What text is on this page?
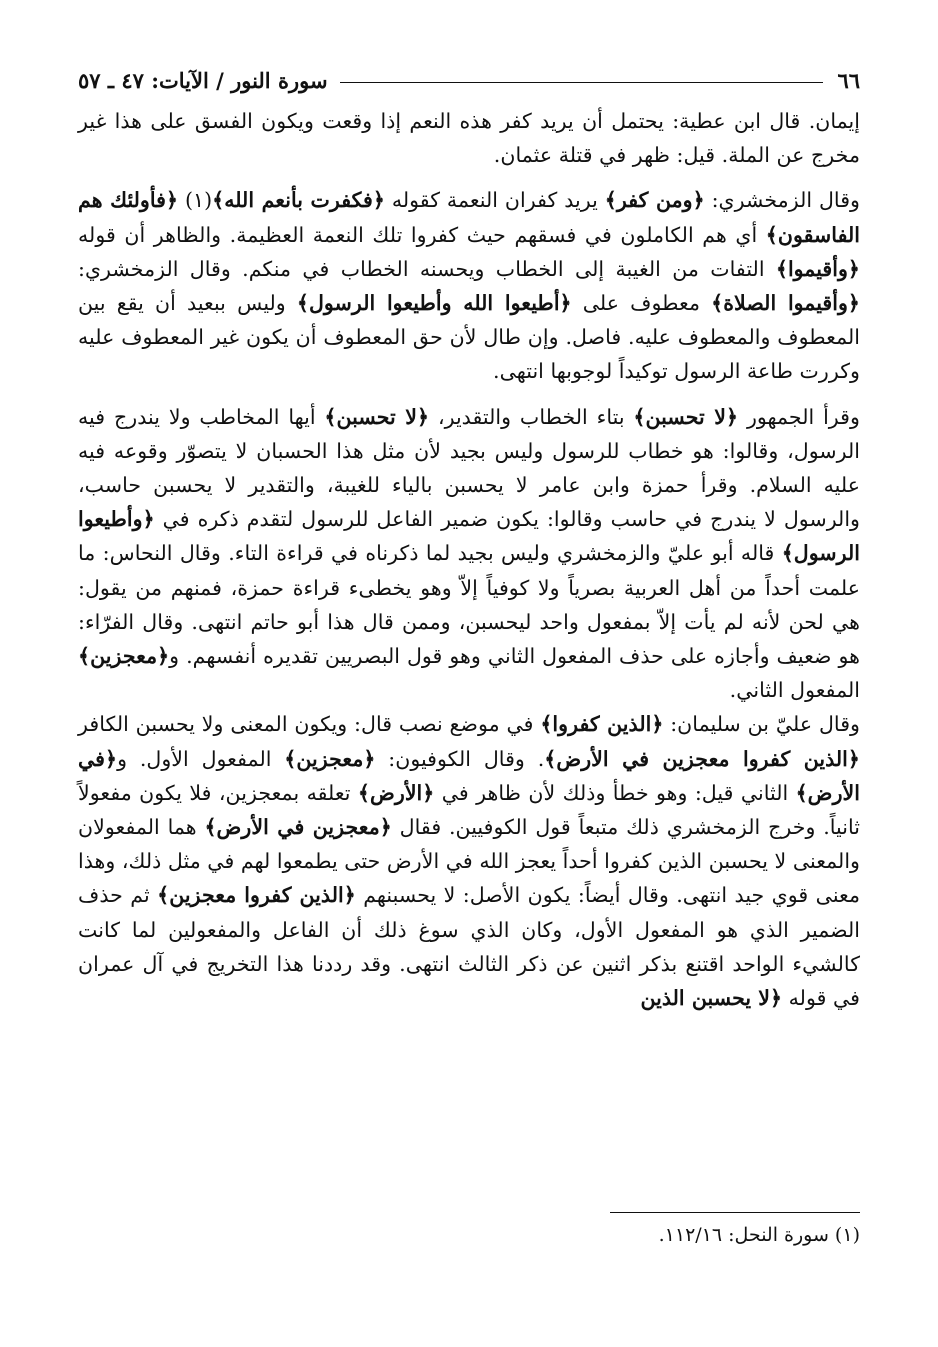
٦٦
سورة النور / الآيات: ٤٧ ـ ٥٧

إيمان. قال ابن عطية: يحتمل أن يريد كفر هذه النعم إذا وقعت ويكون الفسق على هذا غير مخرج عن الملة. قيل: ظهر في قتلة عثمان.

وقال الزمخشري: ﴿ومن كفر﴾ يريد كفران النعمة كقوله ﴿فكفرت بأنعم الله﴾(١) ﴿فأولئك هم الفاسقون﴾ أي هم الكاملون في فسقهم حيث كفروا تلك النعمة العظيمة. والظاهر أن قوله ﴿وأقيموا﴾ التفات من الغيبة إلى الخطاب ويحسنه الخطاب في منكم. وقال الزمخشري: ﴿وأقيموا الصلاة﴾ معطوف على ﴿أطيعوا الله وأطيعوا الرسول﴾ وليس ببعيد أن يقع بين المعطوف والمعطوف عليه. فاصل. وإن طال لأن حق المعطوف أن يكون غير المعطوف عليه وكررت طاعة الرسول توكيداً لوجوبها انتهى.

وقرأ الجمهور ﴿لا تحسبن﴾ بتاء الخطاب والتقدير، ﴿لا تحسبن﴾ أيها المخاطب ولا يندرج فيه الرسول، وقالوا: هو خطاب للرسول وليس بجيد لأن مثل هذا الحسبان لا يتصوّر وقوعه فيه عليه السلام. وقرأ حمزة وابن عامر لا يحسبن بالياء للغيبة، والتقدير لا يحسبن حاسب، والرسول لا يندرج في حاسب وقالوا: يكون ضمير الفاعل للرسول لتقدم ذكره في ﴿وأطيعوا الرسول﴾ قاله أبو عليّ والزمخشري وليس بجيد لما ذكرناه في قراءة التاء. وقال النحاس: ما علمت أحداً من أهل العربية بصرياً ولا كوفياً إلاّ وهو يخطىء قراءة حمزة، فمنهم من يقول: هي لحن لأنه لم يأت إلاّ بمفعول واحد ليحسبن، وممن قال هذا أبو حاتم انتهى. وقال الفرّاء: هو ضعيف وأجازه على حذف المفعول الثاني وهو قول البصريين تقديره أنفسهم. و﴿معجزين﴾ المفعول الثاني.

وقال عليّ بن سليمان: ﴿الذين كفروا﴾ في موضع نصب قال: ويكون المعنى ولا يحسبن الكافر ﴿الذين كفروا معجزين في الأرض﴾. وقال الكوفيون: ﴿معجزين﴾ المفعول الأول. و﴿في الأرض﴾ الثاني قيل: وهو خطأ وذلك لأن ظاهر في ﴿الأرض﴾ تعلقه بمعجزين، فلا يكون مفعولاً ثانياً. وخرج الزمخشري ذلك متبعاً قول الكوفيين. فقال ﴿معجزين في الأرض﴾ هما المفعولان والمعنى لا يحسبن الذين كفروا أحداً يعجز الله في الأرض حتى يطمعوا لهم في مثل ذلك، وهذا معنى قوي جيد انتهى. وقال أيضاً: يكون الأصل: لا يحسبنهم ﴿الذين كفروا معجزين﴾ ثم حذف الضمير الذي هو المفعول الأول، وكان الذي سوغ ذلك أن الفاعل والمفعولين لما كانت كالشيء الواحد اقتنع بذكر اثنين عن ذكر الثالث انتهى. وقد رددنا هذا التخريج في آل عمران في قوله ﴿لا يحسبن الذين

(١) سورة النحل: ١١٢/١٦.
